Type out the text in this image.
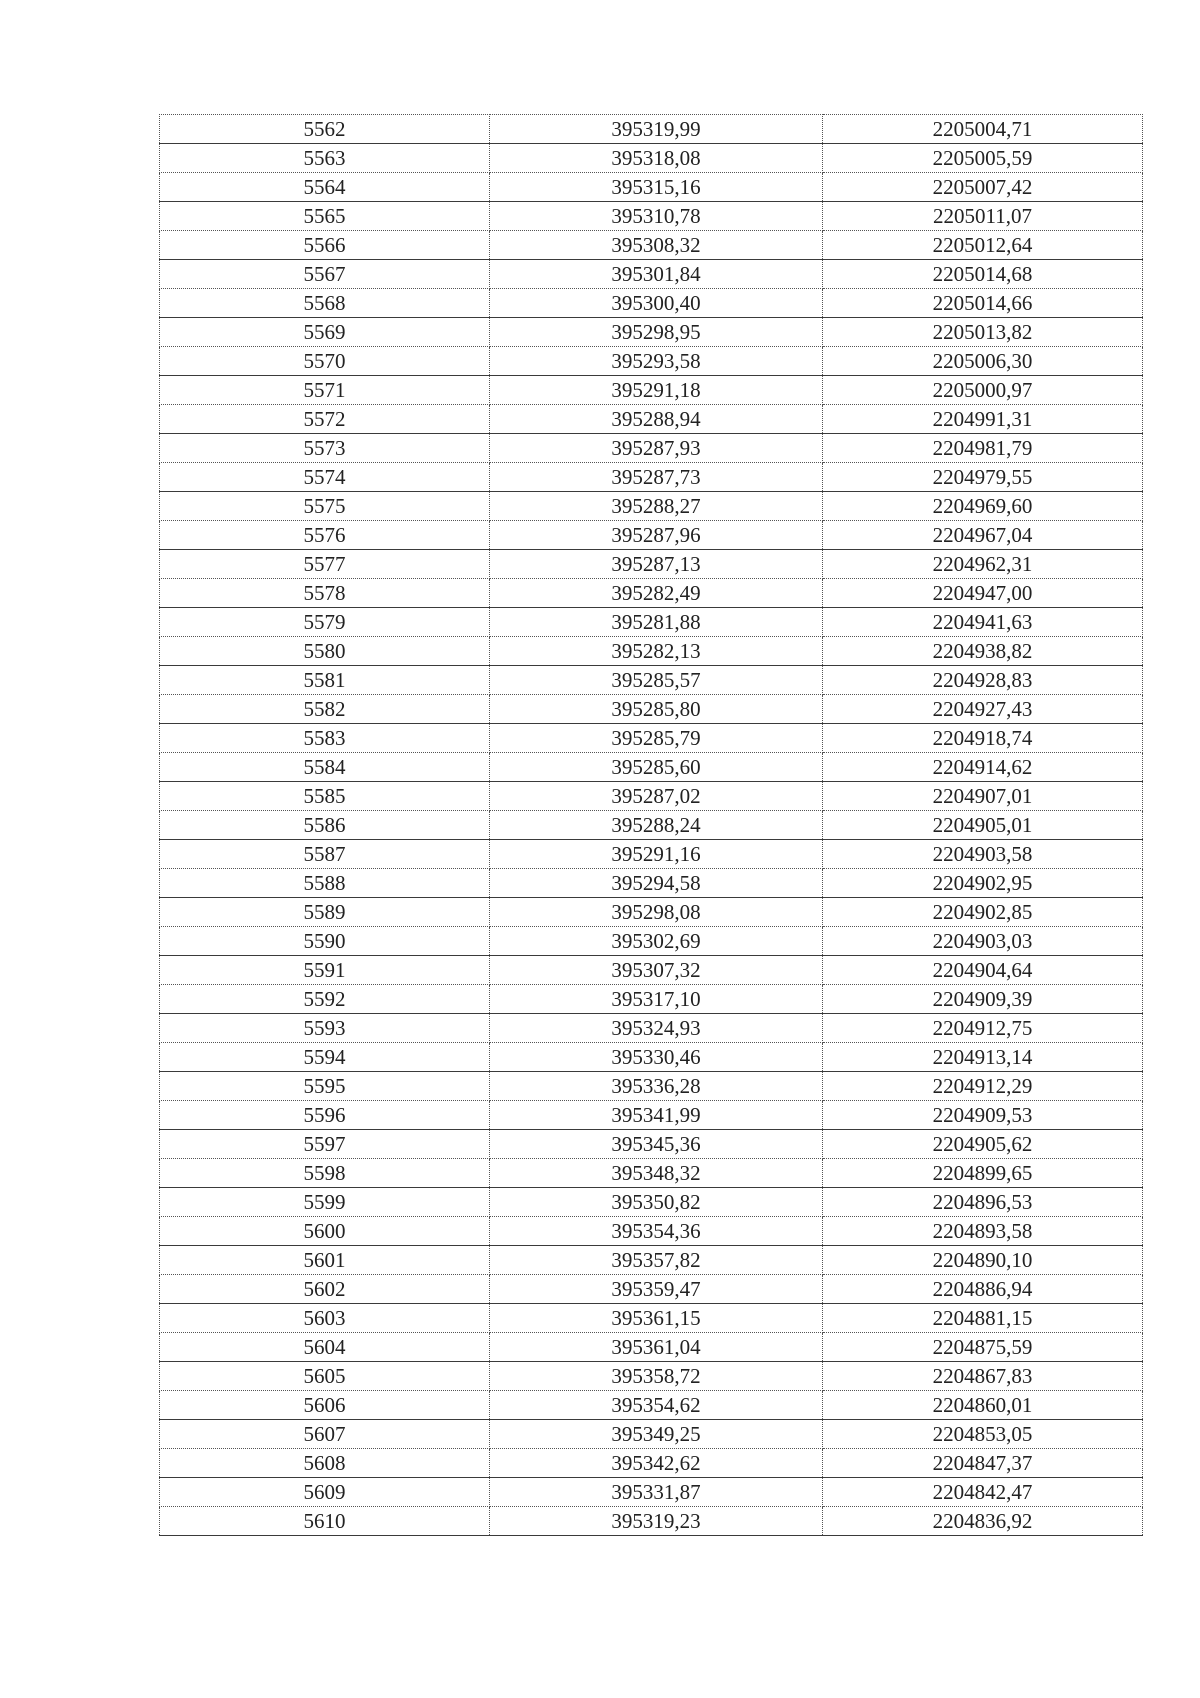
5562	395319,99	2205004,71
5563	395318,08	2205005,59
5564	395315,16	2205007,42
5565	395310,78	2205011,07
5566	395308,32	2205012,64
5567	395301,84	2205014,68
5568	395300,40	2205014,66
5569	395298,95	2205013,82
5570	395293,58	2205006,30
5571	395291,18	2205000,97
5572	395288,94	2204991,31
5573	395287,93	2204981,79
5574	395287,73	2204979,55
5575	395288,27	2204969,60
5576	395287,96	2204967,04
5577	395287,13	2204962,31
5578	395282,49	2204947,00
5579	395281,88	2204941,63
5580	395282,13	2204938,82
5581	395285,57	2204928,83
5582	395285,80	2204927,43
5583	395285,79	2204918,74
5584	395285,60	2204914,62
5585	395287,02	2204907,01
5586	395288,24	2204905,01
5587	395291,16	2204903,58
5588	395294,58	2204902,95
5589	395298,08	2204902,85
5590	395302,69	2204903,03
5591	395307,32	2204904,64
5592	395317,10	2204909,39
5593	395324,93	2204912,75
5594	395330,46	2204913,14
5595	395336,28	2204912,29
5596	395341,99	2204909,53
5597	395345,36	2204905,62
5598	395348,32	2204899,65
5599	395350,82	2204896,53
5600	395354,36	2204893,58
5601	395357,82	2204890,10
5602	395359,47	2204886,94
5603	395361,15	2204881,15
5604	395361,04	2204875,59
5605	395358,72	2204867,83
5606	395354,62	2204860,01
5607	395349,25	2204853,05
5608	395342,62	2204847,37
5609	395331,87	2204842,47
5610	395319,23	2204836,92
